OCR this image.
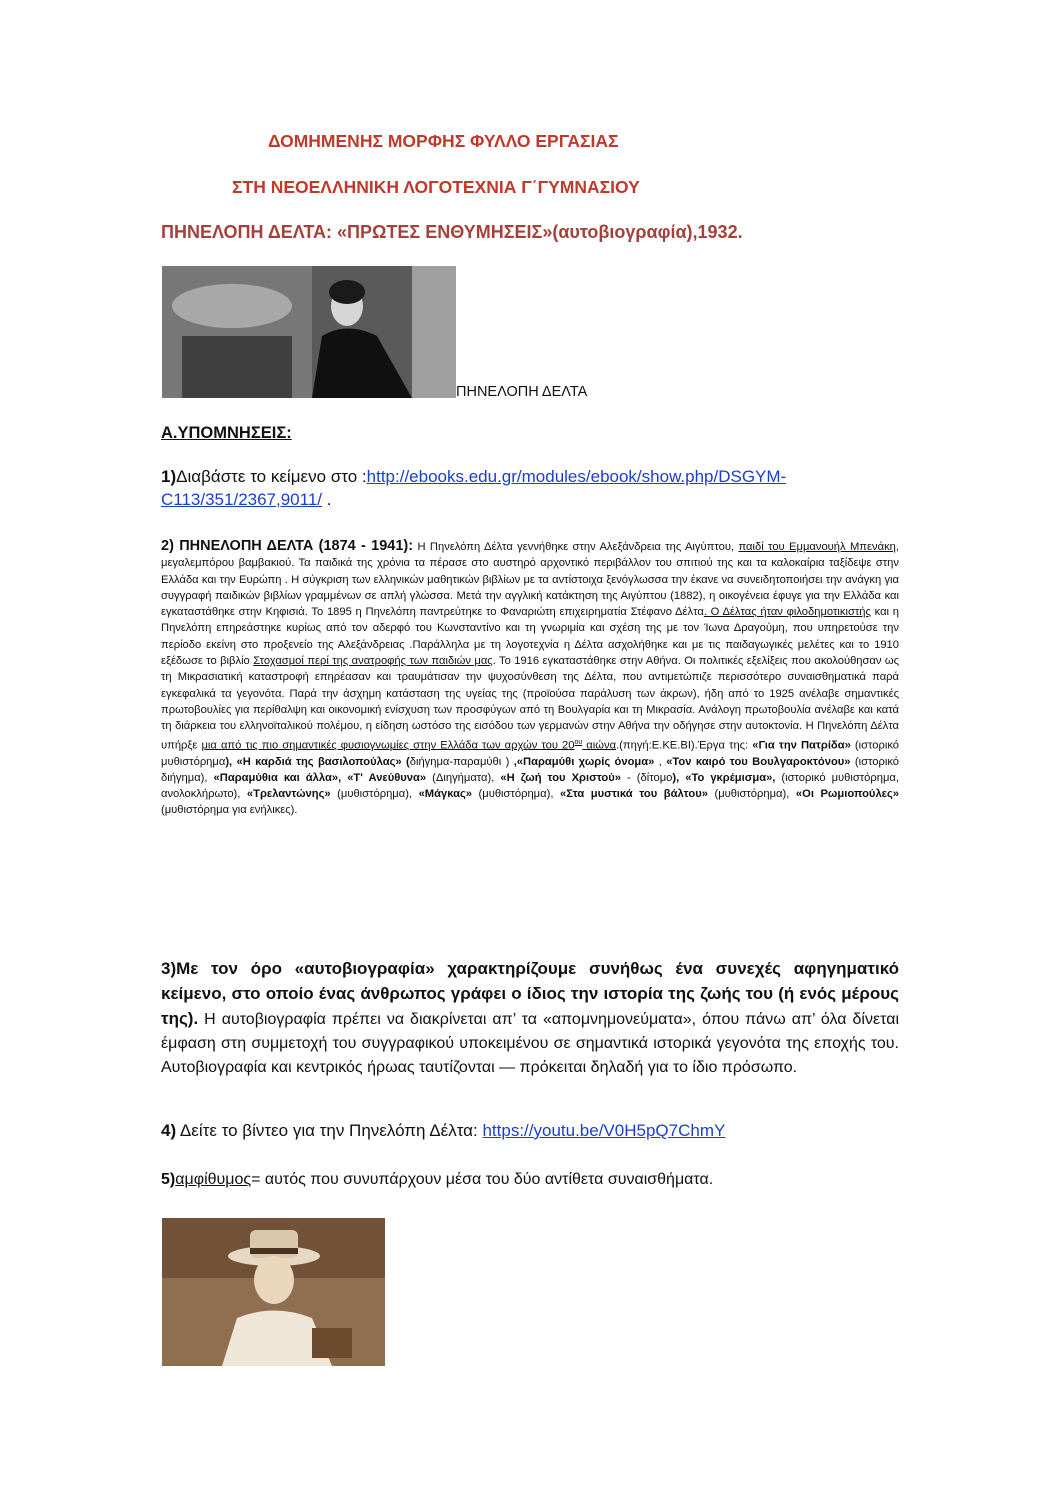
ΔΟΜΗΜΕΝΗΣ ΜΟΡΦΗΣ ΦΥΛΛΟ ΕΡΓΑΣΙΑΣ
ΣΤΗ ΝΕΟΕΛΛΗΝΙΚΗ ΛΟΓΟΤΕΧΝΙΑ Γ΄ΓΥΜΝΑΣΙΟΥ
ΠΗΝΕΛΟΠΗ ΔΕΛΤΑ: «ΠΡΩΤΕΣ ΕΝΘΥΜΗΣΕΙΣ»(αυτοβιογραφία),1932.
ΠΗΝΕΛΟΠΗ ΔΕΛΤΑ
Α.ΥΠΟΜΝΗΣΕΙΣ:
1)Διαβάστε το κείμενο στο :http://ebooks.edu.gr/modules/ebook/show.php/DSGYM-C113/351/2367,9011/ .
2) ΠΗΝΕΛΟΠΗ ΔΕΛΤΑ (1874 - 1941): Η Πηνελόπη Δέλτα γεννήθηκε στην Αλεξάνδρεια της Αιγύπτου, παιδί του Εμμανουήλ Μπενάκη, μεγαλεμπόρου βαμβακιού. Τα παιδικά της χρόνια τα πέρασε στο αυστηρό αρχοντικό περιβάλλον του σπιτιού της και τα καλοκαίρια ταξίδεψε στην Ελλάδα και την Ευρώπη . Η σύγκριση των ελληνικών μαθητικών βιβλίων με τα αντίστοιχα ξενόγλωσσα την έκανε να συνειδητοποιήσει την ανάγκη για συγγραφή παιδικών βιβλίων γραμμένων σε απλή γλώσσα. Μετά την αγγλική κατάκτηση της Αιγύπτου (1882), η οικογένεια έφυγε για την Ελλάδα και εγκαταστάθηκε στην Κηφισιά. Το 1895 η Πηνελόπη παντρεύτηκε το Φαναριώτη επιχειρηματία Στέφανο Δέλτα. Ο Δέλτας ήταν φιλοδημοτικιστής και η Πηνελόπη επηρεάστηκε κυρίως από τον αδερφό του Κωνσταντίνο και τη γνωριμία και σχέση της με τον Ίωνα Δραγούμη, που υπηρετούσε την περίοδο εκείνη στο προξενείο της Αλεξάνδρειας .Παράλληλα με τη λογοτεχνία η Δέλτα ασχολήθηκε και με τις παιδαγωγικές μελέτες και το 1910 εξέδωσε το βιβλίο Στοχασμοί περί της ανατροφής των παιδιών μας. Το 1916 εγκαταστάθηκε στην Αθήνα. Οι πολιτικές εξελίξεις που ακολούθησαν ως τη Μικρασιατική καταστροφή επηρέασαν και τραυμάτισαν την ψυχοσύνθεση της Δέλτα, που αντιμετώπιζε περισσότερο συναισθηματικά παρά εγκεφαλικά τα γεγονότα. Παρά την άσχημη κατάσταση της υγείας της (προϊούσα παράλυση των άκρων), ήδη από το 1925 ανέλαβε σημαντικές πρωτοβουλίες για περίθαλψη και οικονομική ενίσχυση των προσφύγων από τη Βουλγαρία και τη Μικρασία. Ανάλογη πρωτοβουλία ανέλαβε και κατά τη διάρκεια του ελληνοϊταλικού πολέμου, η είδηση ωστόσο της εισόδου των γερμανών στην Αθήνα την οδήγησε στην αυτοκτονία. Η Πηνελόπη Δέλτα υπήρξε μια από τις πιο σημαντικές φυσιογνωμίες στην Ελλάδα των αρχών του $20^{o\upsilon}$ αιώνα.(πηγή:Ε.ΚΕ.ΒΙ).Έργα της: «Για την Πατρίδα» (ιστορικό μυθιστόρημα), «Η καρδιά της βασιλοπούλας» (διήγημα-παραμύθι ) ,«Παραμύθι χωρίς όνομα» , «Τον καιρό του Βουλγαροκτόνου» (ιστορικό διήγημα), «Παραμύθια και άλλα», «Τ' Ανεύθυνα» (Διηγήματα), «Η ζωή του Χριστού» - (δίτομο), «Το γκρέμισμα», (ιστορικό μυθιστόρημα, ανολοκλήρωτο), «Τρελαντώνης» (μυθιστόρημα), «Μάγκας» (μυθιστόρημα), «Στα μυστικά του βάλτου» (μυθιστόρημα), «Οι Ρωμιοπούλες» (μυθιστόρημα για ενήλικες).
3)Με τον όρο «αυτοβιογραφία» χαρακτηρίζουμε συνήθως ένα συνεχές αφηγηματικό κείμενο, στο οποίο ένας άνθρωπος γράφει ο ίδιος την ιστορία της ζωής του (ή ενός μέρους της). Η αυτοβιογραφία πρέπει να διακρίνεται απ’ τα «απομνημονεύματα», όπου πάνω απ’ όλα δίνεται έμφαση στη συμμετοχή του συγγραφικού υποκειμένου σε σημαντικά ιστορικά γεγονότα της εποχής του. Αυτοβιογραφία και κεντρικός ήρωας ταυτίζονται — πρόκειται δηλαδή για το ίδιο πρόσωπο.
4) Δείτε το βίντεο για την Πηνελόπη Δέλτα: https://youtu.be/V0H5pQ7ChmY
5)αμφίθυμος= αυτός που συνυπάρχουν μέσα του δύο αντίθετα συναισθήματα.
